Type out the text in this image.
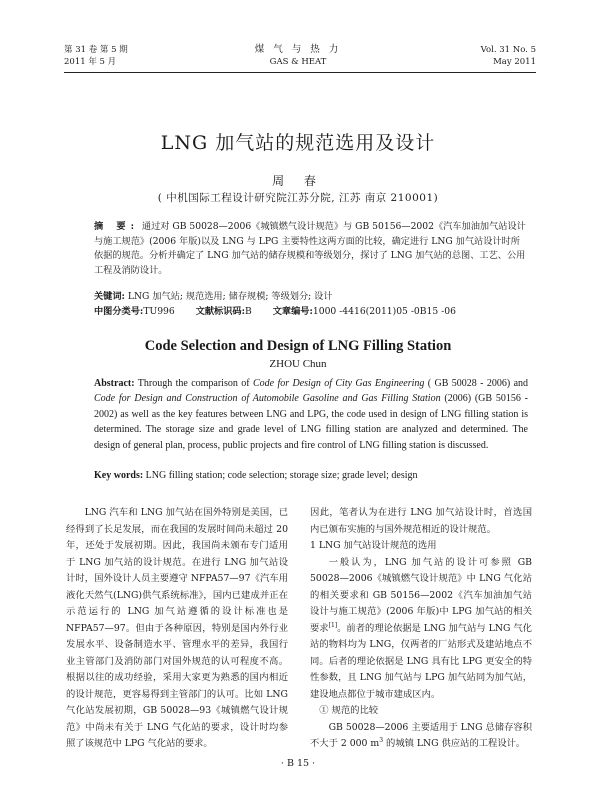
第 31 卷 第 5 期
2011 年 5 月
煤 气 与 热 力
GAS & HEAT
Vol. 31 No. 5
May 2011
LNG 加气站的规范选用及设计
周 春
( 中机国际工程设计研究院江苏分院, 江苏 南京 210001)
摘 要: 通过对 GB 50028—2006《城镇燃气设计规范》与 GB 50156—2002《汽车加油加气站设计与施工规范》(2006 年版)以及 LNG 与 LPG 主要特性这两方面的比较，确定进行 LNG 加气站设计时所依据的规范。分析并确定了 LNG 加气站的储存规模和等级划分，探讨了 LNG 加气站的总图、工艺、公用工程及消防设计。
关键词: LNG 加气站; 规范选用; 储存规模; 等级划分; 设计
中图分类号:TU996 文献标识码:B 文章编号:1000 -4416(2011)05 -0B15 -06
Code Selection and Design of LNG Filling Station
ZHOU Chun
Abstract: Through the comparison of Code for Design of City Gas Engineering ( GB 50028 - 2006) and Code for Design and Construction of Automobile Gasoline and Gas Filling Station (2006) (GB 50156 - 2002) as well as the key features between LNG and LPG, the code used in design of LNG filling station is determined. The storage size and grade level of LNG filling station are analyzed and determined. The design of general plan, process, public projects and fire control of LNG filling station is discussed.
Key words: LNG filling station; code selection; storage size; grade level; design

LNG 汽车和 LNG 加气站在国外特别是美国，已经得到了长足发展，而在我国的发展时间尚未超过 20 年，还处于发展初期。因此，我国尚未颁布专门适用于 LNG 加气站的设计规范。在进行 LNG 加气站设计时，国外设计人员主要遵守 NFPA57—97《汽车用液化天然气(LNG)供气系统标准》，国内已建成并正在示范运行的 LNG 加气站遵循的设计标准也是 NFPA57—97。但由于各种原因，特别是国内外行业发展水平、设备制造水平、管理水平的差异，我国行业主管部门及消防部门对国外规范的认可程度不高。根据以往的成功经验，采用大家更为熟悉的国内相近的设计规范，更容易得到主管部门的认可。比如 LNG 气化站发展初期，GB 50028—93《城镇燃气设计规范》中尚未有关于 LNG 气化站的要求，设计时均参照了该规范中 LPG 气化站的要求。

因此，笔者认为在进行 LNG 加气站设计时，首选国内已颁布实施的与国外规范相近的设计规范。

1 LNG 加气站设计规范的选用

一般认为，LNG 加气站的设计可参照 GB 50028—2006《城镇燃气设计规范》中 LNG 气化站的相关要求和 GB 50156—2002《汽车加油加气站设计与施工规范》(2006 年版)中 LPG 加气站的相关要求[1]。前者的理论依据是 LNG 加气站与 LNG 气化站的物料均为 LNG，仅两者的厂站形式及建站地点不同。后者的理论依据是 LNG 具有比 LPG 更安全的特性参数，且 LNG 加气站与 LPG 加气站同为加气站，建设地点都位于城市建成区内。

① 规范的比较

GB 50028—2006 主要适用于 LNG 总储存容积不大于 2 000 $m^3$ 的城镇 LNG 供应站的工程设计。

· B 15 ·
